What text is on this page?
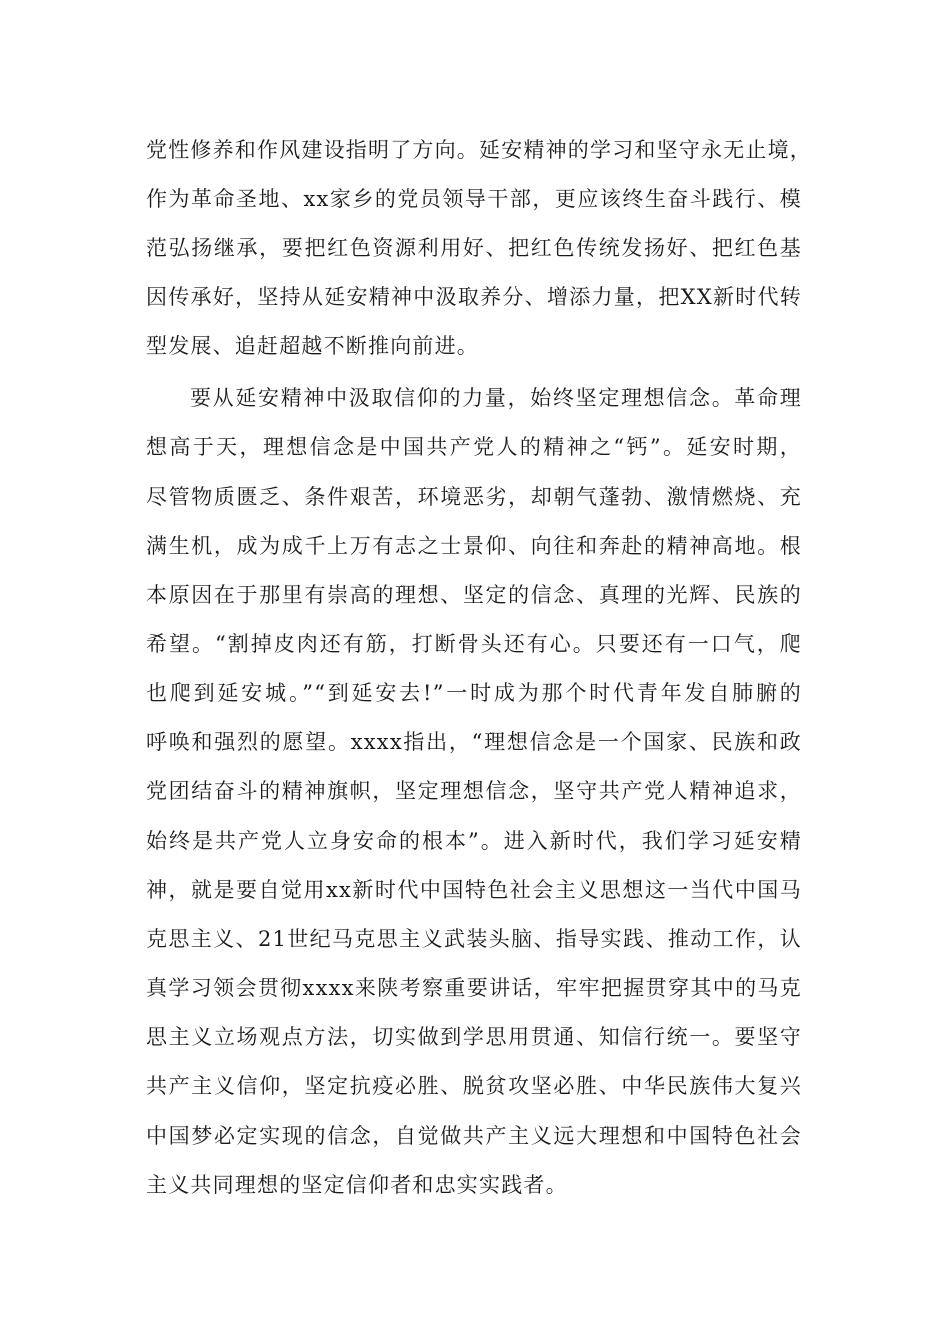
党性修养和作风建设指明了方向。延安精神的学习和坚守永无止境，
作为革命圣地、xx家乡的党员领导干部，更应该终生奋斗践行、模
范弘扬继承，要把红色资源利用好、把红色传统发扬好、把红色基
因传承好，坚持从延安精神中汲取养分、增添力量，把XX新时代转
型发展、追赶超越不断推向前进。
要从延安精神中汲取信仰的力量，始终坚定理想信念。革命理
想高于天，理想信念是中国共产党人的精神之“钙”。延安时期，
尽管物质匮乏、条件艰苦，环境恶劣，却朝气蓬勃、激情燃烧、充
满生机，成为成千上万有志之士景仰、向往和奔赴的精神高地。根
本原因在于那里有崇高的理想、坚定的信念、真理的光辉、民族的
希望。“割掉皮肉还有筋，打断骨头还有心。只要还有一口气，爬
也爬到延安城。”“到延安去!”一时成为那个时代青年发自肺腑的
呼唤和强烈的愿望。xxxx指出，“理想信念是一个国家、民族和政
党团结奋斗的精神旗帜，坚定理想信念，坚守共产党人精神追求，
始终是共产党人立身安命的根本”。进入新时代，我们学习延安精
神，就是要自觉用xx新时代中国特色社会主义思想这一当代中国马
克思主义、21世纪马克思主义武装头脑、指导实践、推动工作，认
真学习领会贯彻xxxx来陕考察重要讲话，牢牢把握贯穿其中的马克
思主义立场观点方法，切实做到学思用贯通、知信行统一。要坚守
共产主义信仰，坚定抗疫必胜、脱贫攻坚必胜、中华民族伟大复兴
中国梦必定实现的信念，自觉做共产主义远大理想和中国特色社会
主义共同理想的坚定信仰者和忠实实践者。
